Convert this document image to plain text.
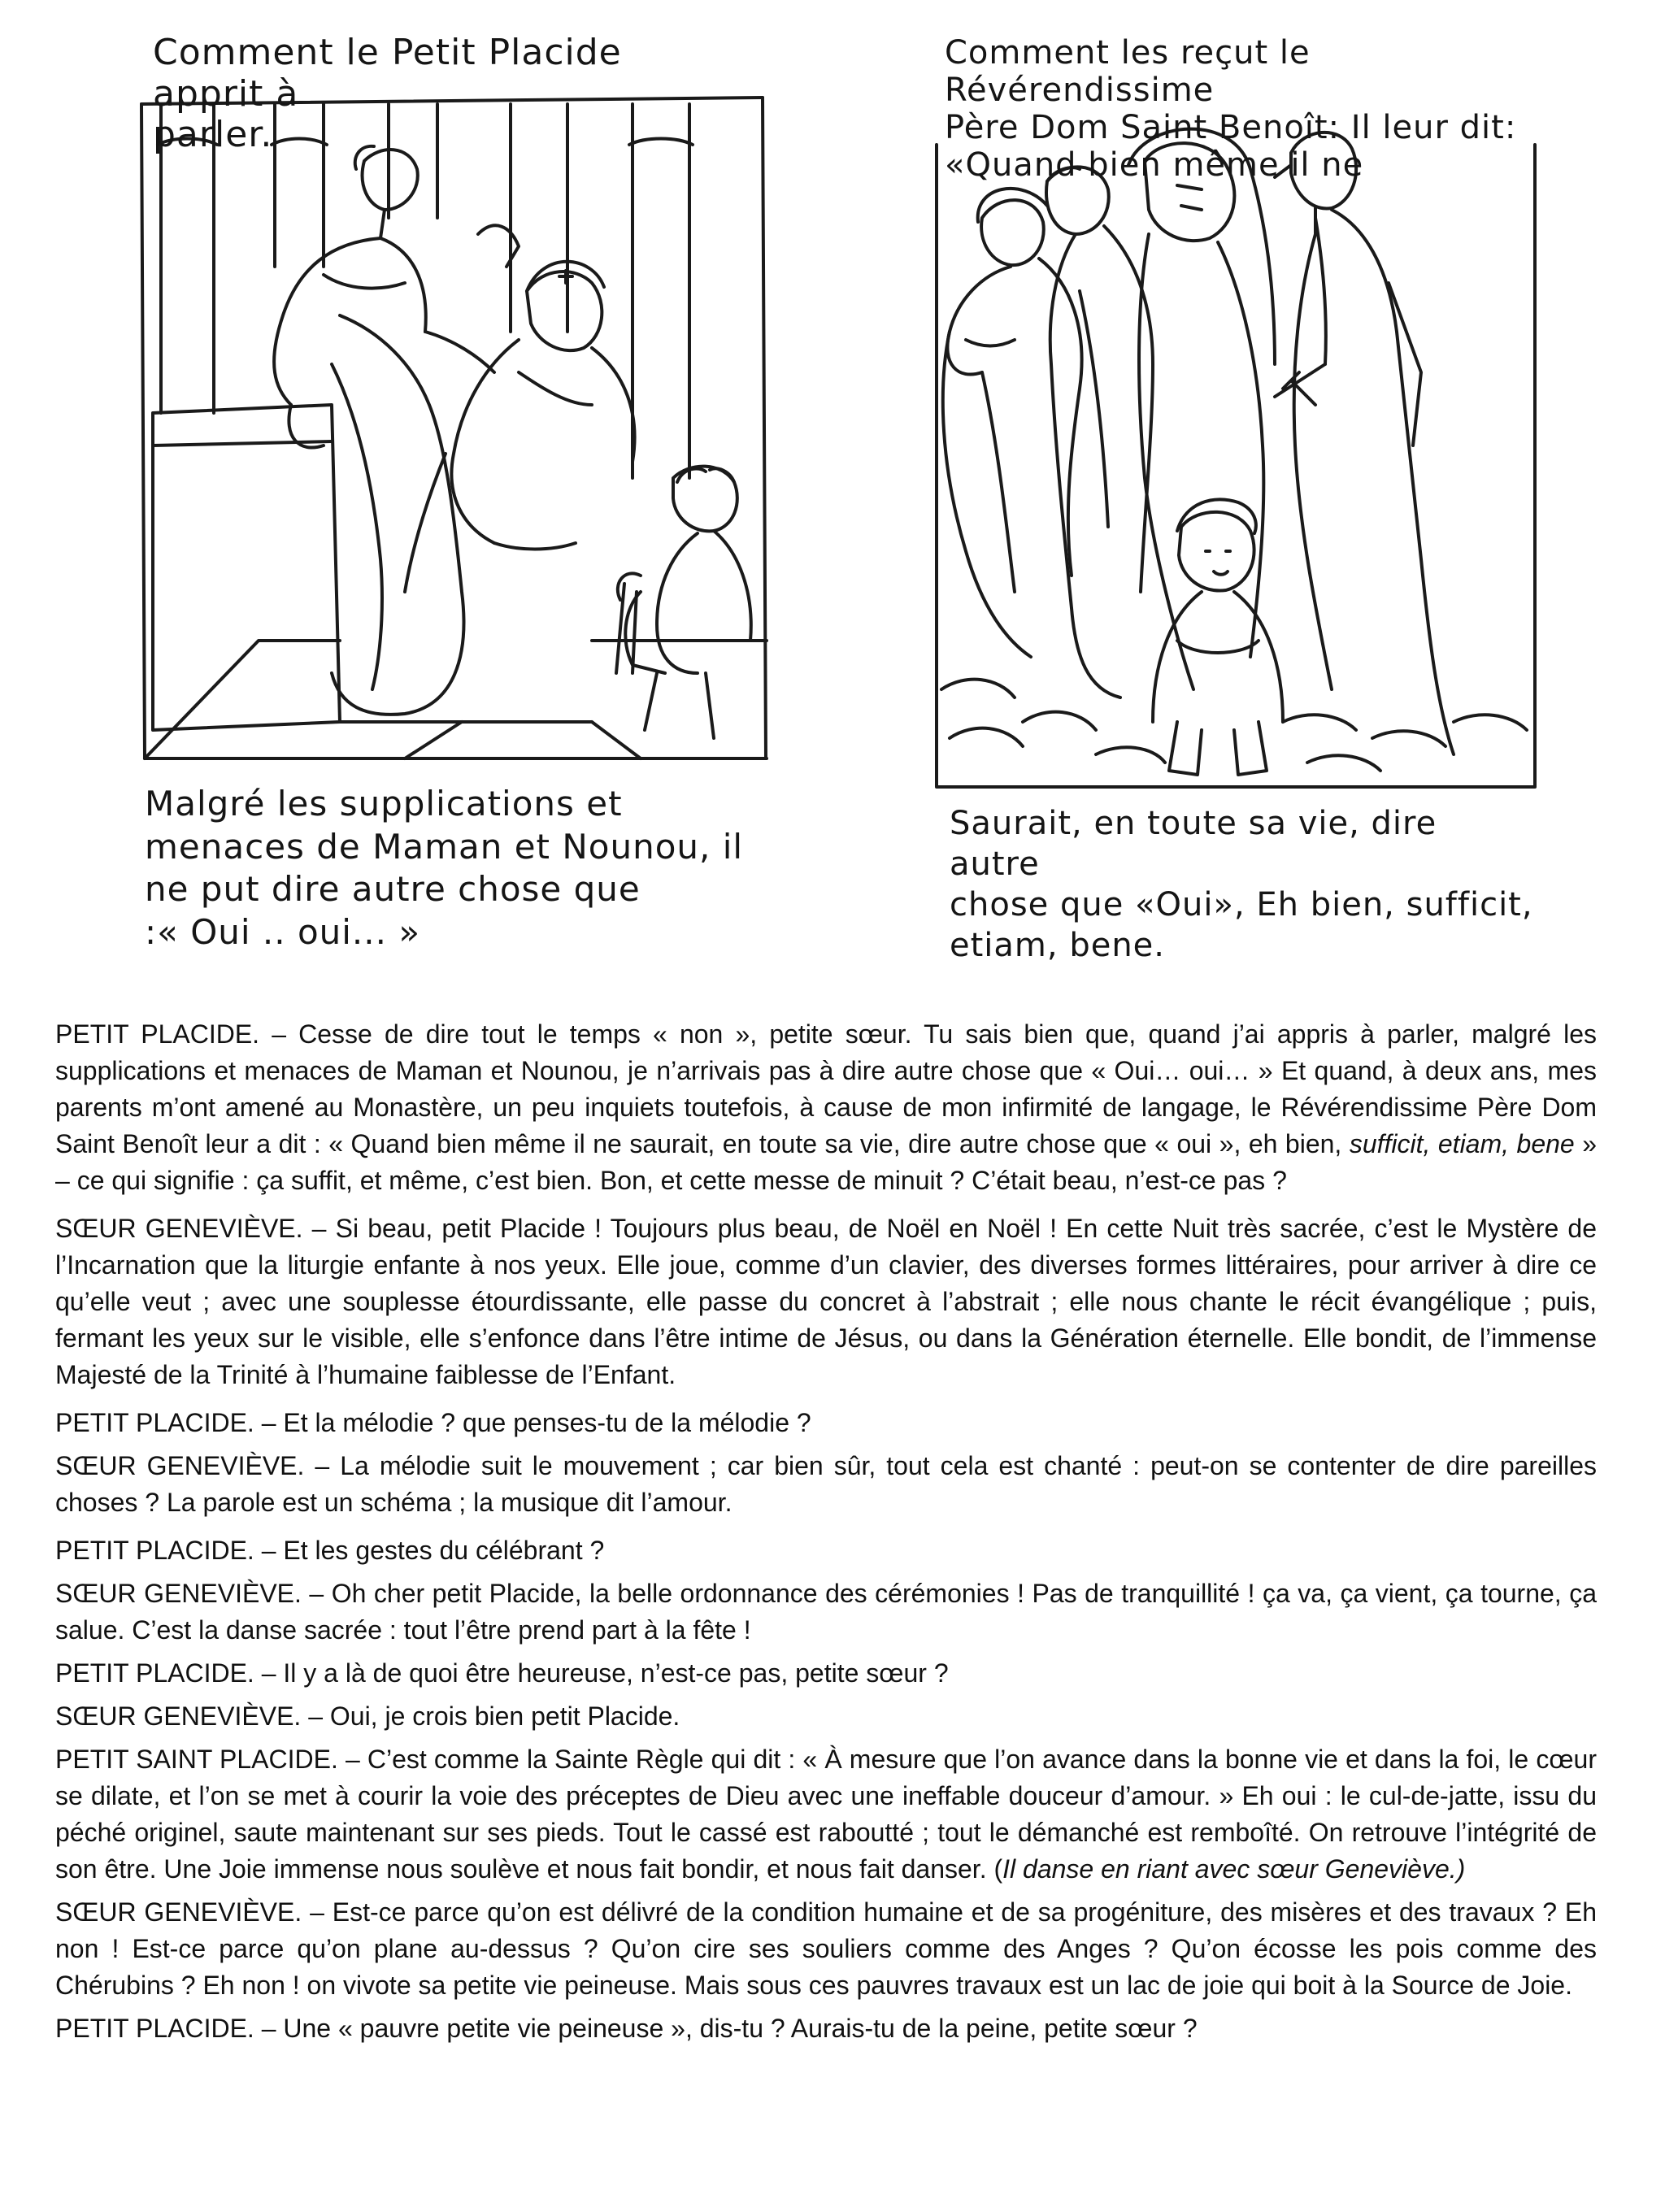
Comment le Petit Placide apprit à
parler.
Malgré les supplications et
menaces de Maman et Nounou, il
ne put dire autre chose que
:« Oui .. oui... »
Comment les reçut le Révérendissime
Père Dom Saint Benoît: Il leur dit:
«Quand bien même il ne
Saurait, en toute sa vie, dire autre
chose que «Oui», Eh bien, sufficit,
etiam, bene.

PETIT PLACIDE. – Cesse de dire tout le temps « non », petite sœur. Tu sais bien que, quand j’ai appris à parler, malgré les supplications et menaces de Maman et Nounou, je n’arrivais pas à dire autre chose que « Oui… oui… » Et quand, à deux ans, mes parents m’ont amené au Monastère, un peu inquiets toutefois, à cause de mon infirmité de langage, le Révérendissime Père Dom Saint Benoît leur a dit : « Quand bien même il ne saurait, en toute sa vie, dire autre chose que « oui », eh bien, sufficit, etiam, bene » – ce qui signifie : ça suffit, et même, c’est bien. Bon, et cette messe de minuit ? C’était beau, n’est-ce pas ?

SŒUR GENEVIÈVE. – Si beau, petit Placide ! Toujours plus beau, de Noël en Noël ! En cette Nuit très sacrée, c’est le Mystère de l’Incarnation que la liturgie enfante à nos yeux. Elle joue, comme d’un clavier, des diverses formes littéraires, pour arriver à dire ce qu’elle veut ; avec une souplesse étourdissante, elle passe du concret à l’abstrait ; elle nous chante le récit évangélique ; puis, fermant les yeux sur le visible, elle s’enfonce dans l’être intime de Jésus, ou dans la Génération éternelle. Elle bondit, de l’immense Majesté de la Trinité à l’humaine faiblesse de l’Enfant.

PETIT PLACIDE. – Et la mélodie ? que penses-tu de la mélodie ?

SŒUR GENEVIÈVE. – La mélodie suit le mouvement ; car bien sûr, tout cela est chanté : peut-on se contenter de dire pareilles choses ? La parole est un schéma ; la musique dit l’amour.

PETIT PLACIDE. – Et les gestes du célébrant ?

SŒUR GENEVIÈVE. – Oh cher petit Placide, la belle ordonnance des cérémonies ! Pas de tranquillité ! ça va, ça vient, ça tourne, ça salue. C’est la danse sacrée : tout l’être prend part à la fête !

PETIT PLACIDE. – Il y a là de quoi être heureuse, n’est-ce pas, petite sœur ?

SŒUR GENEVIÈVE. – Oui, je crois bien petit Placide.

PETIT SAINT PLACIDE. – C’est comme la Sainte Règle qui dit : « À mesure que l’on avance dans la bonne vie et dans la foi, le cœur se dilate, et l’on se met à courir la voie des préceptes de Dieu avec une ineffable douceur d’amour. » Eh oui : le cul-de-jatte, issu du péché originel, saute maintenant sur ses pieds. Tout le cassé est raboutté ; tout le démanché est remboîté. On retrouve l’intégrité de son être. Une Joie immense nous soulève et nous fait bondir, et nous fait danser. (Il danse en riant avec sœur Geneviève.)

SŒUR GENEVIÈVE. – Est-ce parce qu’on est délivré de la condition humaine et de sa progéniture, des misères et des travaux ? Eh non ! Est-ce parce qu’on plane au-dessus ? Qu’on cire ses souliers comme des Anges ? Qu’on écosse les pois comme des Chérubins ? Eh non ! on vivote sa petite vie peineuse. Mais sous ces pauvres travaux est un lac de joie qui boit à la Source de Joie.

PETIT PLACIDE. – Une « pauvre petite vie peineuse », dis-tu ? Aurais-tu de la peine, petite sœur ?
